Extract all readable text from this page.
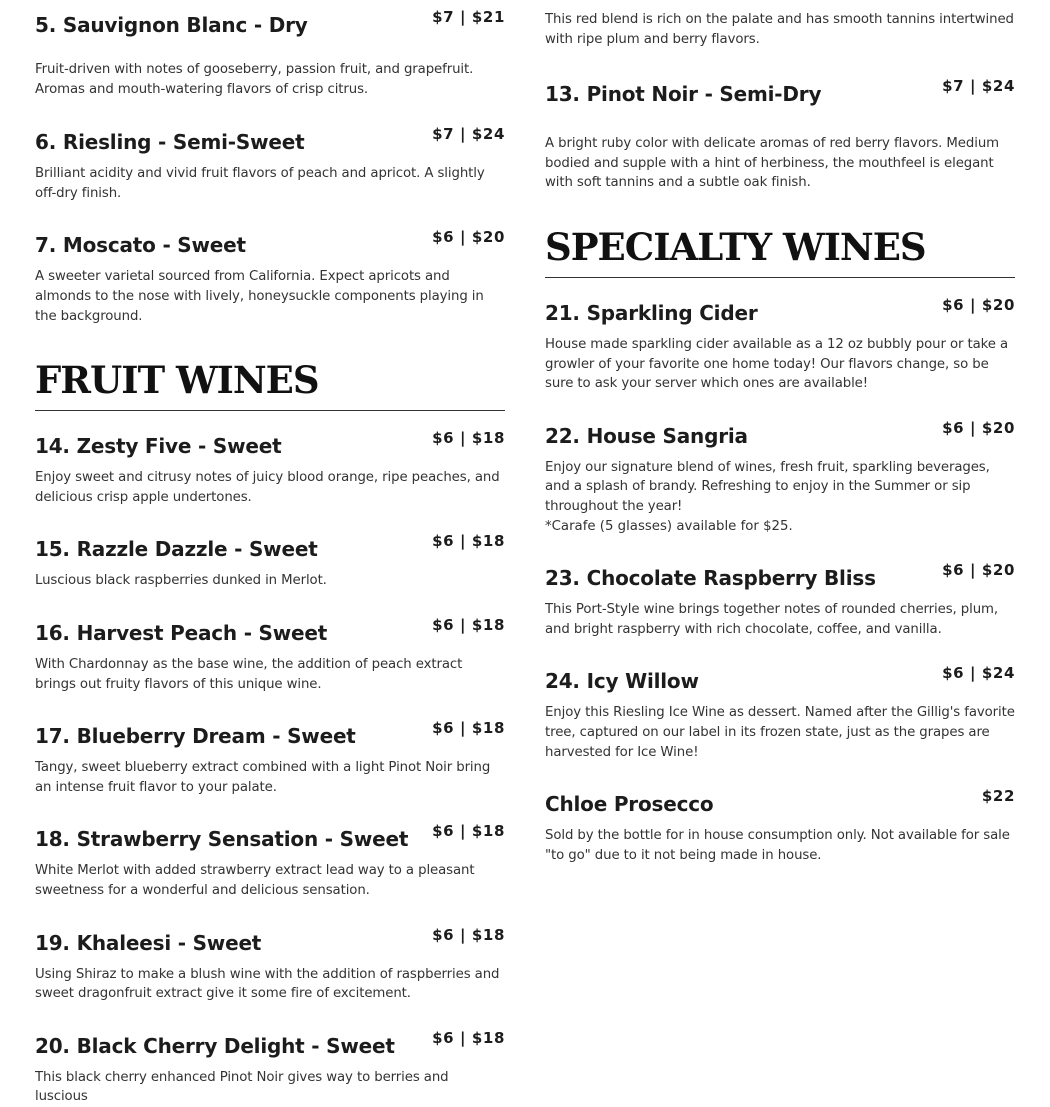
5. Sauvignon Blanc - Dry	$7 | $21

Fruit-driven with notes of gooseberry, passion fruit, and grapefruit. Aromas and mouth-watering flavors of crisp citrus.

6. Riesling - Semi-Sweet	$7 | $24

Brilliant acidity and vivid fruit flavors of peach and apricot. A slightly off-dry finish.

7. Moscato - Sweet	$6 | $20

A sweeter varietal sourced from California. Expect apricots and almonds to the nose with lively, honeysuckle components playing in the background.

FRUIT WINES
14. Zesty Five - Sweet	$6 | $18

Enjoy sweet and citrusy notes of juicy blood orange, ripe peaches, and delicious crisp apple undertones.

15. Razzle Dazzle - Sweet	$6 | $18

Luscious black raspberries dunked in Merlot.

16. Harvest Peach - Sweet	$6 | $18

With Chardonnay as the base wine, the addition of peach extract brings out fruity flavors of this unique wine.

17. Blueberry Dream - Sweet	$6 | $18

Tangy, sweet blueberry extract combined with a light Pinot Noir bring an intense fruit flavor to your palate.

18. Strawberry Sensation - Sweet $6 | $18

White Merlot with added strawberry extract lead way to a pleasant sweetness for a wonderful and delicious sensation.

19. Khaleesi - Sweet	$6 | $18

Using Shiraz to make a blush wine with the addition of raspberries and sweet dragonfruit extract give it some fire of excitement.

20. Black Cherry Delight - Sweet $6 | $18

This black cherry enhanced Pinot Noir gives way to berries and luscious

This red blend is rich on the palate and has smooth tannins intertwined with ripe plum and berry flavors.

13. Pinot Noir - Semi-Dry	$7 | $24

A bright ruby color with delicate aromas of red berry flavors. Medium bodied and supple with a hint of herbiness, the mouthfeel is elegant with soft tannins and a subtle oak finish.

SPECIALTY WINES
21. Sparkling Cider	$6 | $20

House made sparkling cider available as a 12 oz bubbly pour or take a growler of your favorite one home today! Our flavors change, so be sure to ask your server which ones are available!

22. House Sangria	$6 | $20

Enjoy our signature blend of wines, fresh fruit, sparkling beverages, and a splash of brandy. Refreshing to enjoy in the Summer or sip throughout the year!

*Carafe (5 glasses) available for $25.

23. Chocolate Raspberry Bliss	$6 | $20

This Port-Style wine brings together notes of rounded cherries, plum, and bright raspberry with rich chocolate, coffee, and vanilla.

24. Icy Willow	$6 | $24

Enjoy this Riesling Ice Wine as dessert. Named after the Gillig's favorite tree, captured on our label in its frozen state, just as the grapes are harvested for Ice Wine!

Chloe Prosecco	$22

Sold by the bottle for in house consumption only. Not available for sale "to go" due to it not being made in house.
